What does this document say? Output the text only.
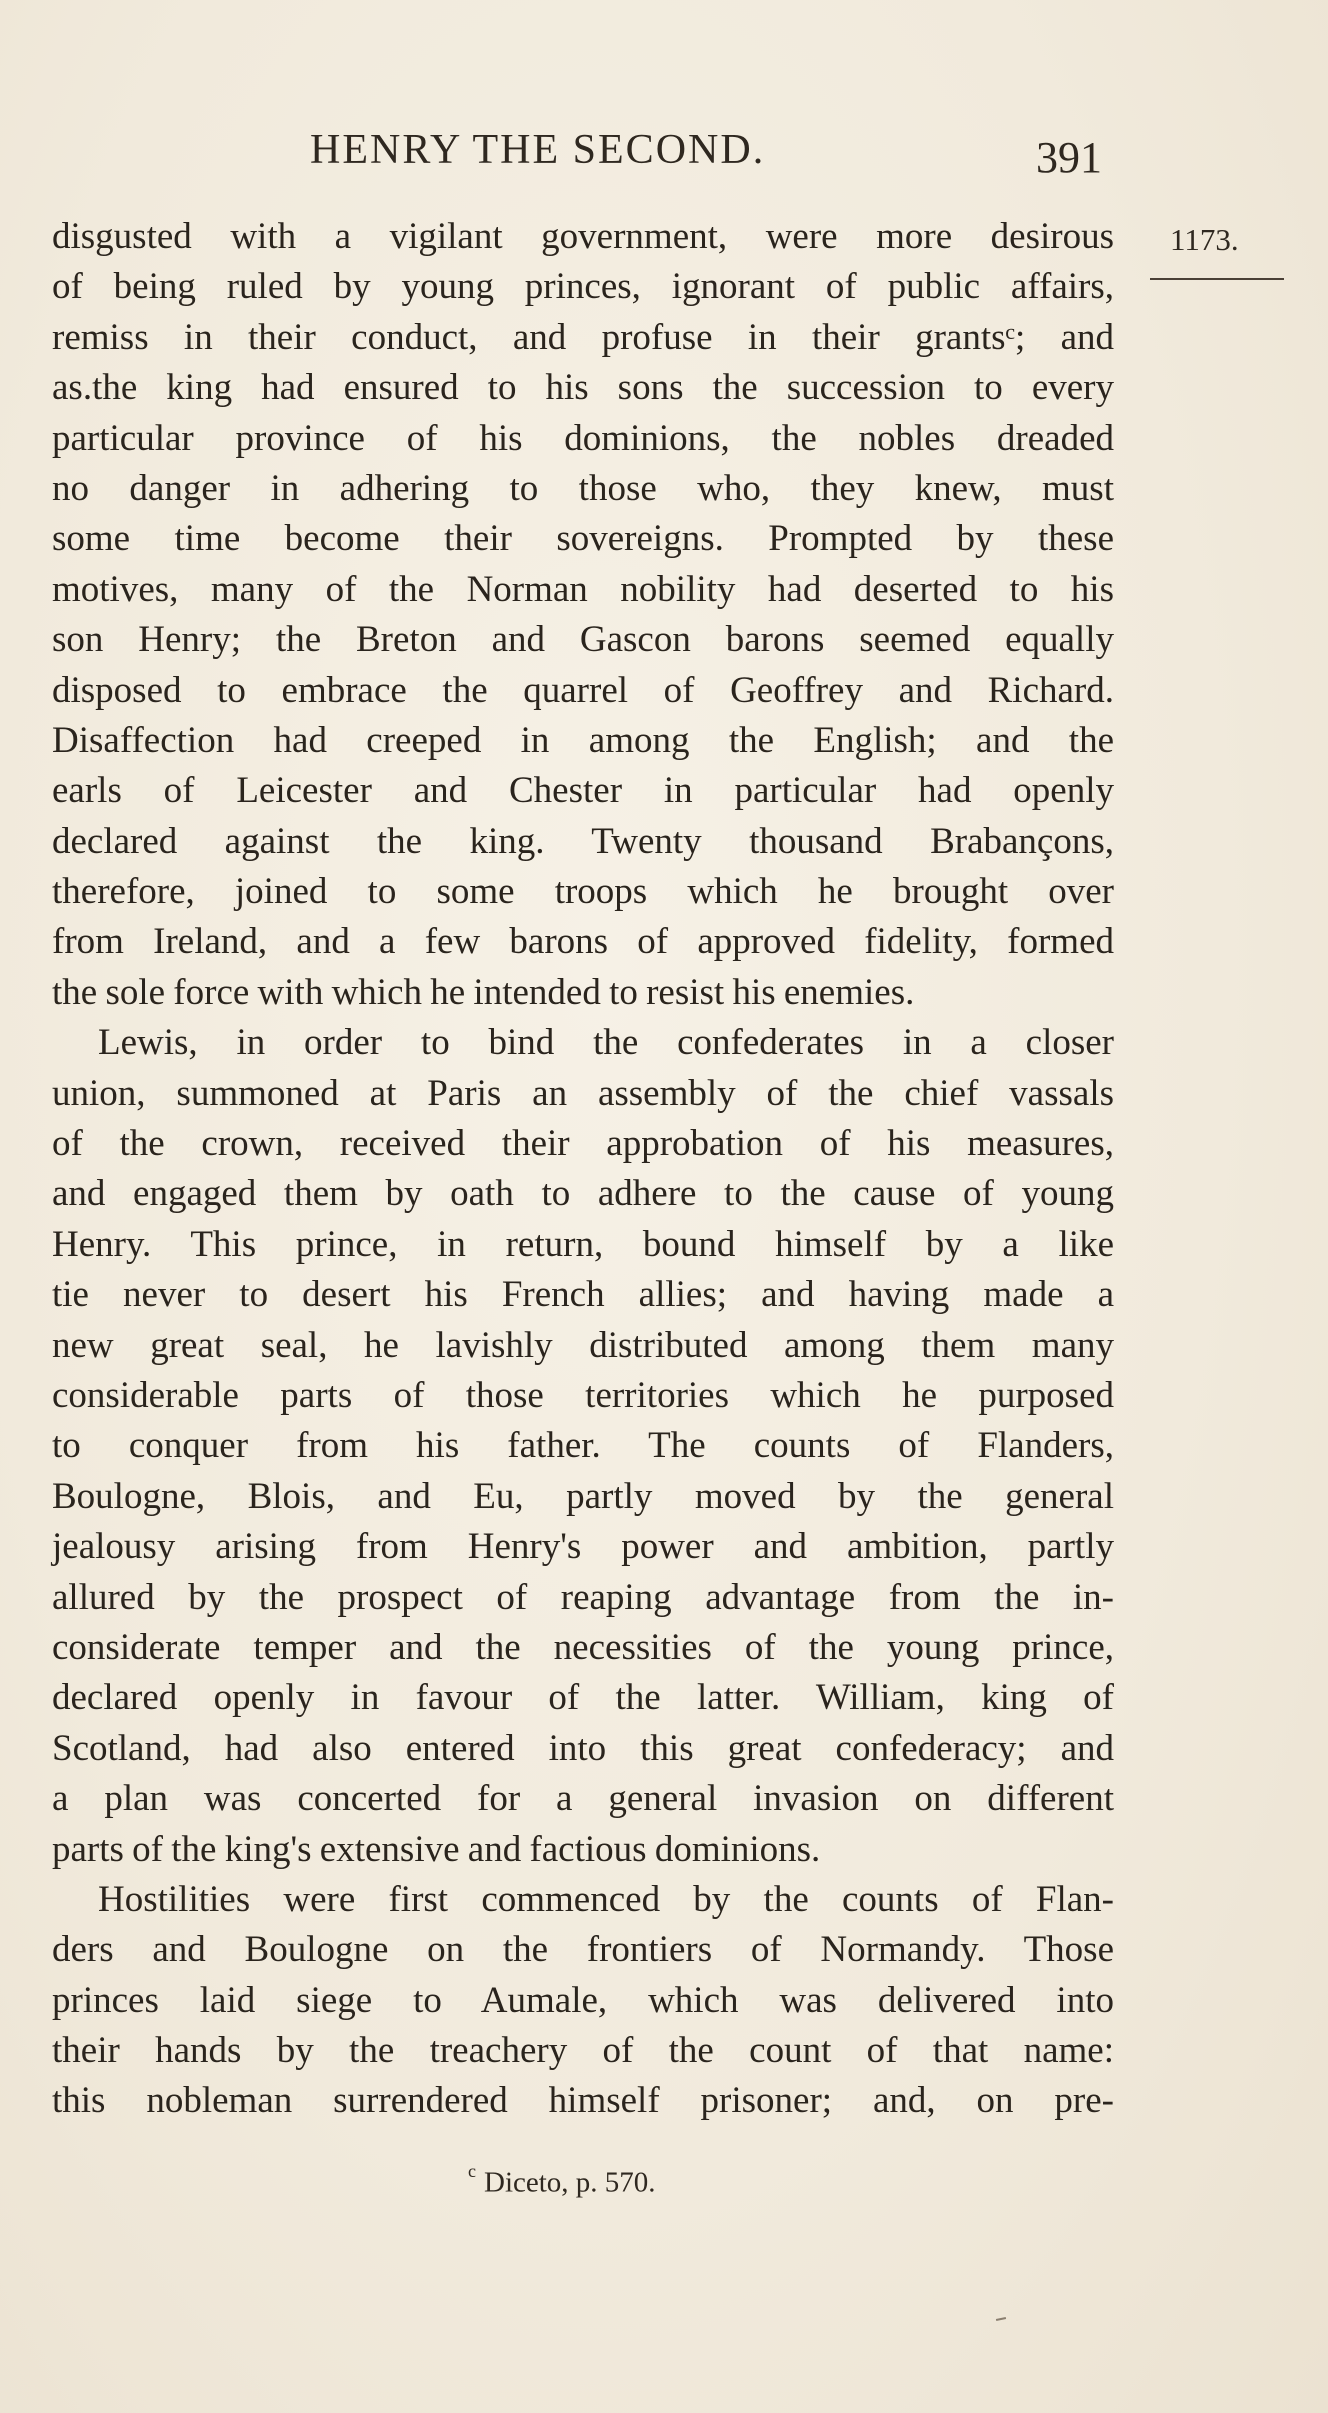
HENRY THE SECOND.	391
1173.
disgusted with a vigilant government, were more desirous
of being ruled by young princes, ignorant of public affairs,
remiss in their conduct, and profuse in their grantsᶜ; and
as.the king had ensured to his sons the succession to every
particular province of his dominions, the nobles dreaded
no danger in adhering to those who, they knew, must
some time become their sovereigns. Prompted by these
motives, many of the Norman nobility had deserted to his
son Henry; the Breton and Gascon barons seemed equally
disposed to embrace the quarrel of Geoffrey and Richard.
Disaffection had creeped in among the English; and the
earls of Leicester and Chester in particular had openly
declared against the king. Twenty thousand Brabançons,
therefore, joined to some troops which he brought over
from Ireland, and a few barons of approved fidelity, formed
the sole force with which he intended to resist his enemies.
Lewis, in order to bind the confederates in a closer
union, summoned at Paris an assembly of the chief vassals
of the crown, received their approbation of his measures,
and engaged them by oath to adhere to the cause of young
Henry. This prince, in return, bound himself by a like
tie never to desert his French allies; and having made a
new great seal, he lavishly distributed among them many
considerable parts of those territories which he purposed
to conquer from his father. The counts of Flanders,
Boulogne, Blois, and Eu, partly moved by the general
jealousy arising from Henry's power and ambition, partly
allured by the prospect of reaping advantage from the in-
considerate temper and the necessities of the young prince,
declared openly in favour of the latter. William, king of
Scotland, had also entered into this great confederacy; and
a plan was concerted for a general invasion on different
parts of the king's extensive and factious dominions.
Hostilities were first commenced by the counts of Flan-
ders and Boulogne on the frontiers of Normandy. Those
princes laid siege to Aumale, which was delivered into
their hands by the treachery of the count of that name:
this nobleman surrendered himself prisoner; and, on pre-
$^c$ Diceto, p. 570.
